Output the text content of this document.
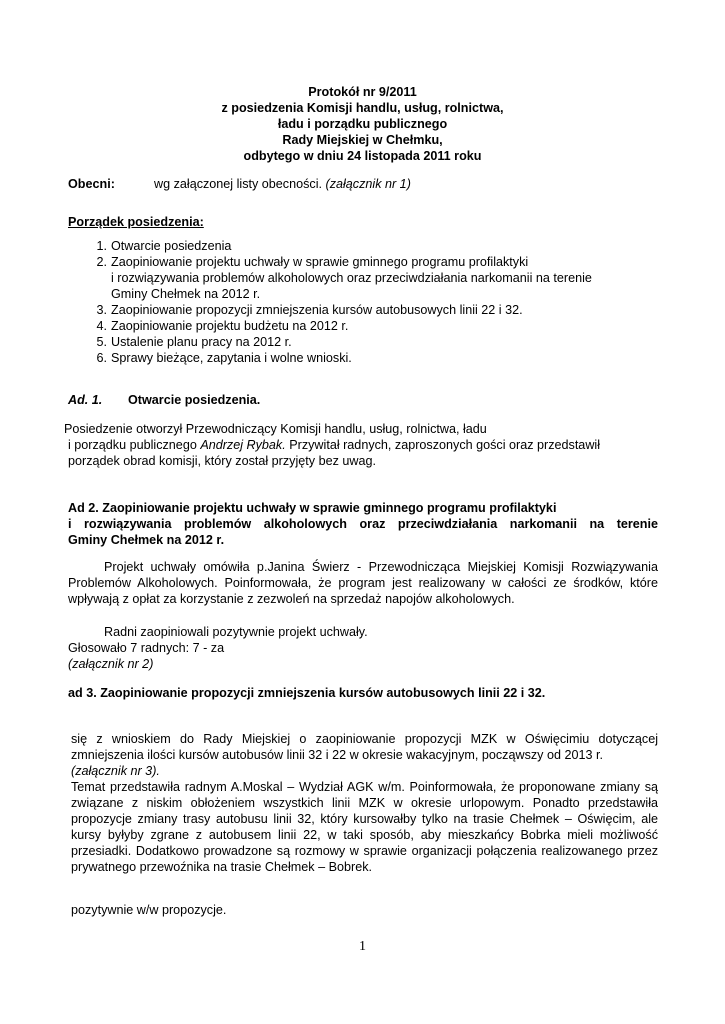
Protokół nr 9/2011
z posiedzenia Komisji handlu, usług, rolnictwa,
ładu i porządku publicznego
Rady Miejskiej w Chełmku,
odbytego w dniu 24 listopada 2011 roku
Obecni:	wg załączonej listy obecności. (załącznik nr 1)
Porządek posiedzenia:
1. Otwarcie posiedzenia
2. Zaopiniowanie projektu uchwały w sprawie gminnego programu profilaktyki
i rozwiązywania problemów alkoholowych oraz przeciwdziałania narkomanii na terenie
Gminy Chełmek na 2012 r.
3. Zaopiniowanie propozycji zmniejszenia kursów autobusowych linii 22 i 32.
4. Zaopiniowanie projektu budżetu na 2012 r.
5. Ustalenie planu pracy na 2012 r.
6. Sprawy bieżące, zapytania i wolne wnioski.
Ad. 1. Otwarcie posiedzenia.
Posiedzenie otworzył Przewodniczący Komisji handlu, usług, rolnictwa, ładu
i porządku publicznego Andrzej Rybak. Przywitał radnych, zaproszonych gości oraz przedstawił
porządek obrad komisji, który został przyjęty bez uwag.
Ad 2. Zaopiniowanie projektu uchwały w sprawie gminnego programu profilaktyki
i rozwiązywania problemów alkoholowych oraz przeciwdziałania narkomanii na terenie
Gminy Chełmek na 2012 r.
Projekt uchwały omówiła p.Janina Świerz - Przewodnicząca Miejskiej Komisji Rozwiązywania Problemów Alkoholowych. Poinformowała, że program jest realizowany w całości ze środków, które wpływają z opłat za korzystanie z zezwoleń na sprzedaż napojów alkoholowych.
Radni zaopiniowali pozytywnie projekt uchwały.
Głosowało 7 radnych: 7 - za
(załącznik nr 2)
ad 3. Zaopiniowanie propozycji zmniejszenia kursów autobusowych linii 22 i 32.
się z wnioskiem do Rady Miejskiej o zaopiniowanie propozycji MZK w Oświęcimiu dotyczącej zmniejszenia ilości kursów autobusów linii 32 i 22 w okresie wakacyjnym, począwszy od 2013 r.
(załącznik nr 3).
Temat przedstawiła radnym A.Moskal – Wydział AGK w/m. Poinformowała, że proponowane zmiany są związane z niskim obłożeniem wszystkich linii MZK w okresie urlopowym. Ponadto przedstawiła propozycje zmiany trasy autobusu linii 32, który kursowałby tylko na trasie Chełmek – Oświęcim, ale kursy byłyby zgrane z autobusem linii 22, w taki sposób, aby mieszkańcy Bobrka mieli możliwość przesiadki. Dodatkowo prowadzone są rozmowy w sprawie organizacji połączenia realizowanego przez prywatnego przewoźnika na trasie Chełmek – Bobrek.
pozytywnie w/w propozycje.
1
